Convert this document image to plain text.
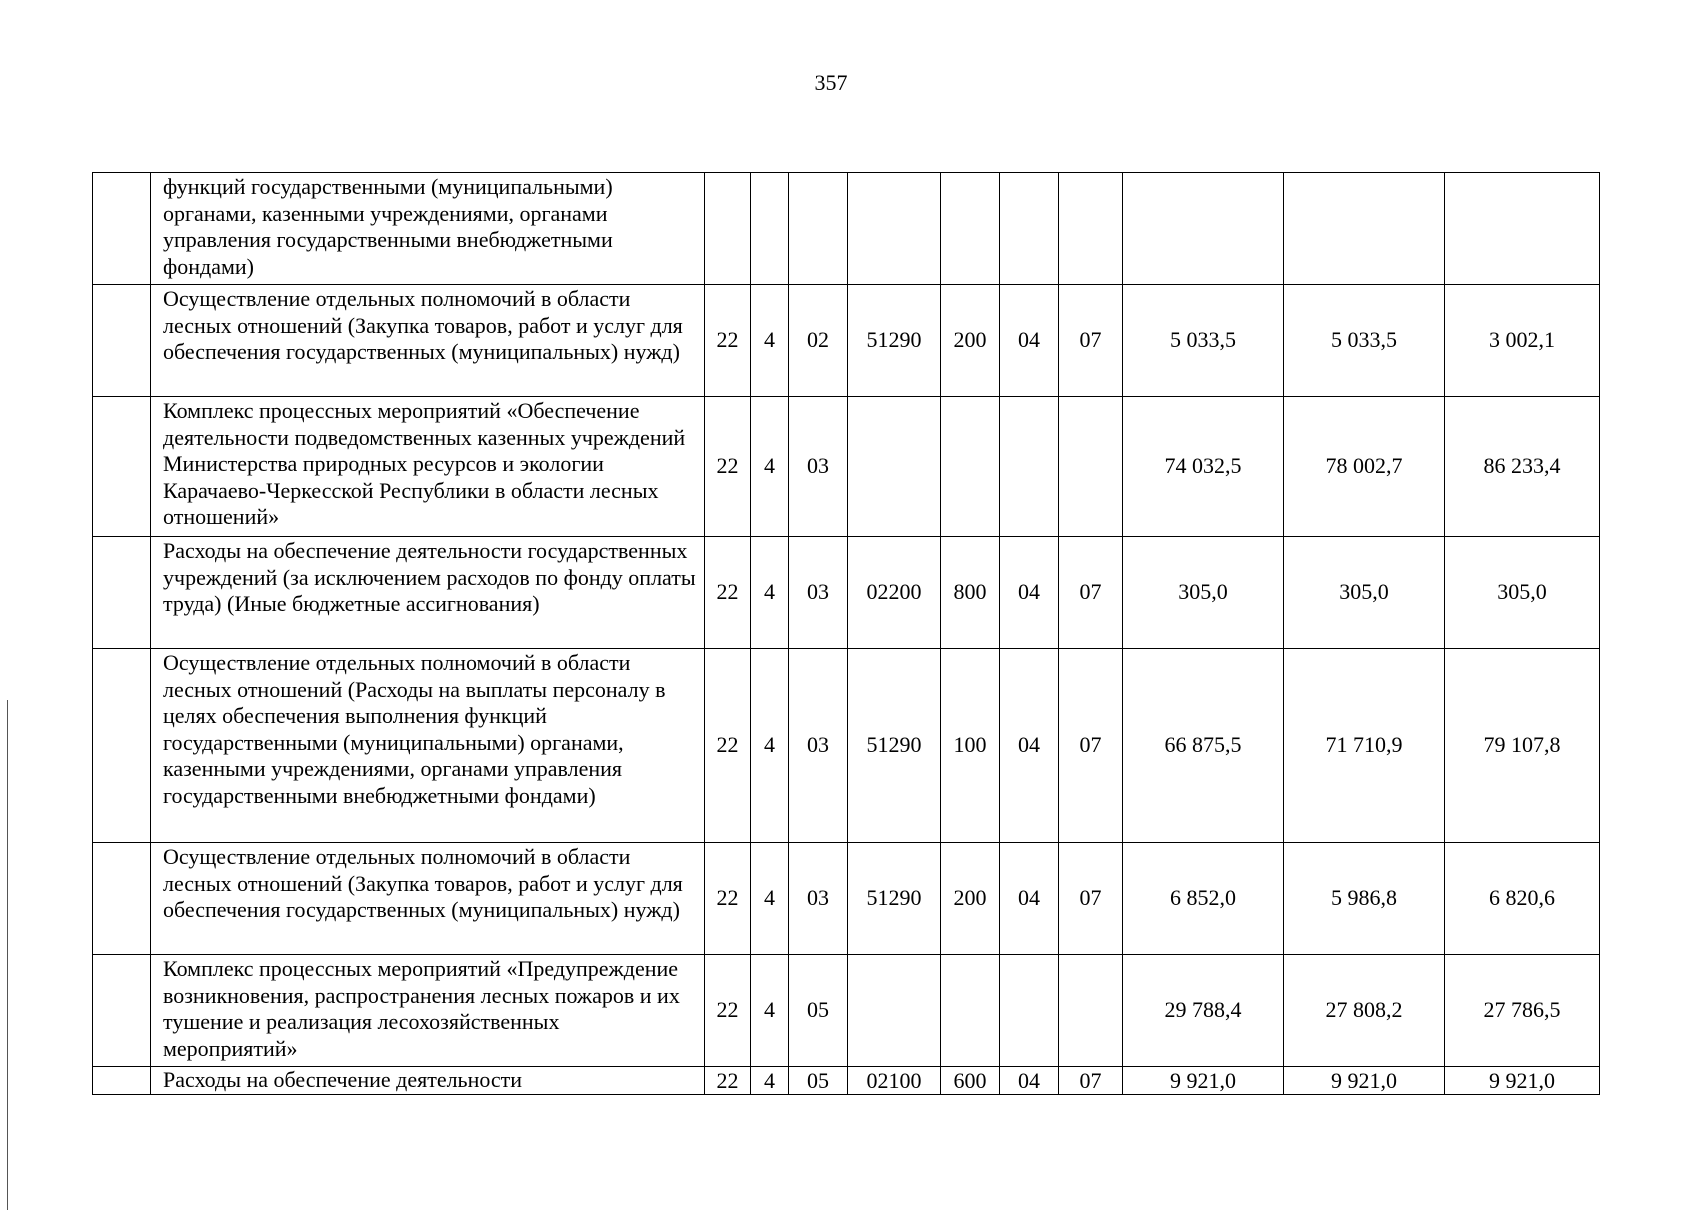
357
	функций государственными (муниципальными) органами, казенными учреждениями, органами управления государственными внебюджетными фондами)										
	Осуществление отдельных полномочий в области лесных отношений (Закупка товаров, работ и услуг для обеспечения государственных (муниципальных) нужд)	22	4	02	51290	200	04	07	5 033,5	5 033,5	3 002,1
	Комплекс процессных мероприятий «Обеспечение деятельности подведомственных казенных учреждений Министерства природных ресурсов и экологии Карачаево-Черкесской Республики в области лесных отношений»	22	4	03					74 032,5	78 002,7	86 233,4
	Расходы на обеспечение деятельности государственных учреждений (за исключением расходов по фонду оплаты труда) (Иные бюджетные ассигнования)	22	4	03	02200	800	04	07	305,0	305,0	305,0
	Осуществление отдельных полномочий в области лесных отношений (Расходы на выплаты персоналу в целях обеспечения выполнения функций государственными (муниципальными) органами, казенными учреждениями, органами управления государственными внебюджетными фондами)	22	4	03	51290	100	04	07	66 875,5	71 710,9	79 107,8
	Осуществление отдельных полномочий в области лесных отношений (Закупка товаров, работ и услуг для обеспечения государственных (муниципальных) нужд)	22	4	03	51290	200	04	07	6 852,0	5 986,8	6 820,6
	Комплекс процессных мероприятий «Предупреждение возникновения, распространения лесных пожаров и их тушение и реализация лесохозяйственных мероприятий»	22	4	05					29 788,4	27 808,2	27 786,5
	Расходы на обеспечение деятельности	22	4	05	02100	600	04	07	9 921,0	9 921,0	9 921,0
